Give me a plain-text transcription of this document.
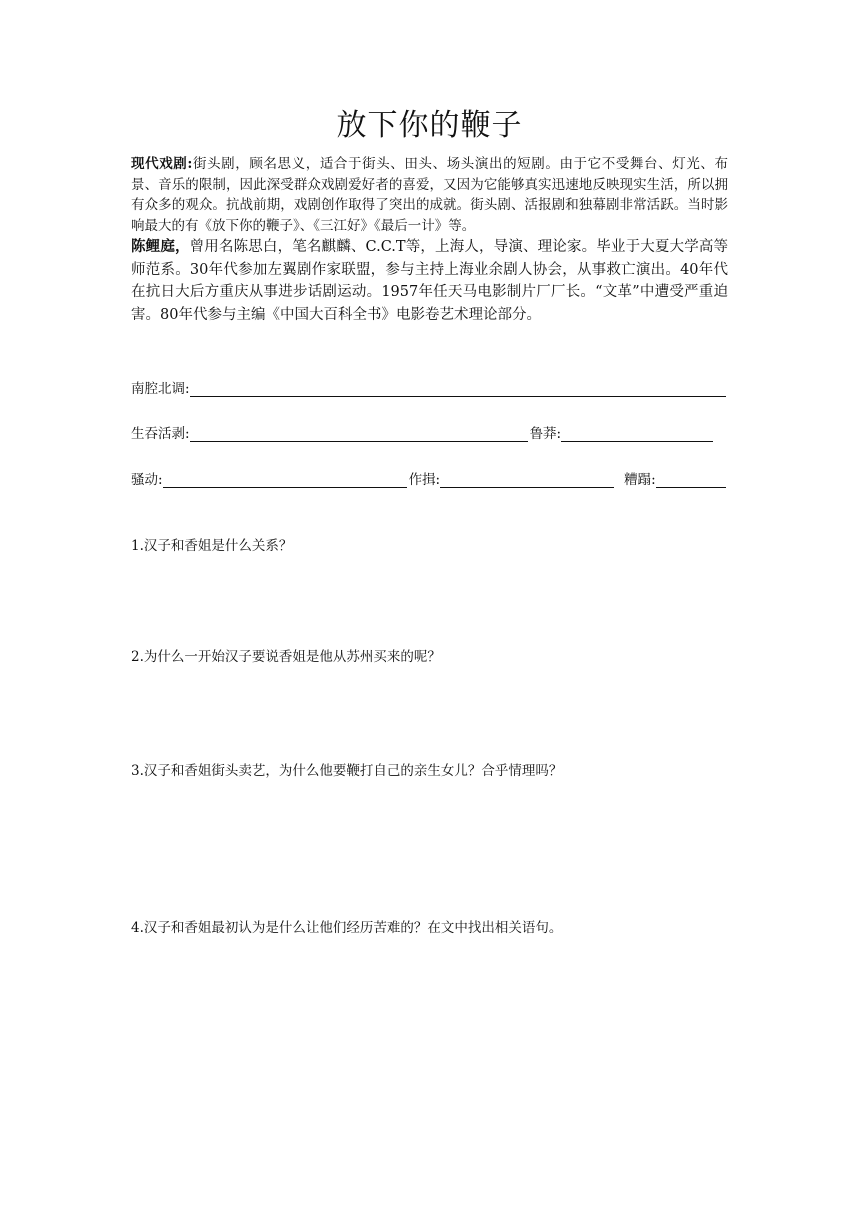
放下你的鞭子

现代戏剧:街头剧，顾名思义，适合于街头、田头、场头演出的短剧。由于它不受舞台、灯光、布景、音乐的限制，因此深受群众戏剧爱好者的喜爱，又因为它能够真实迅速地反映现实生活，所以拥有众多的观众。抗战前期，戏剧创作取得了突出的成就。街头剧、活报剧和独幕剧非常活跃。当时影响最大的有《放下你的鞭子》、《三江好》《最后一计》等。

陈鲤庭，曾用名陈思白，笔名麒麟、C.C.T等，上海人，导演、理论家。毕业于大夏大学高等师范系。30年代参加左翼剧作家联盟，参与主持上海业余剧人协会，从事救亡演出。40年代在抗日大后方重庆从事进步话剧运动。1957年任天马电影制片厂厂长。“文革”中遭受严重迫害。80年代参与主编《中国大百科全书》电影卷艺术理论部分。

南腔北调:
生吞活剥:	鲁莽:
骚动:	作揖:	糟蹋:
1.汉子和香姐是什么关系？
2.为什么一开始汉子要说香姐是他从苏州买来的呢？
3.汉子和香姐街头卖艺，为什么他要鞭打自己的亲生女儿？合乎情理吗？
4.汉子和香姐最初认为是什么让他们经历苦难的？在文中找出相关语句。
